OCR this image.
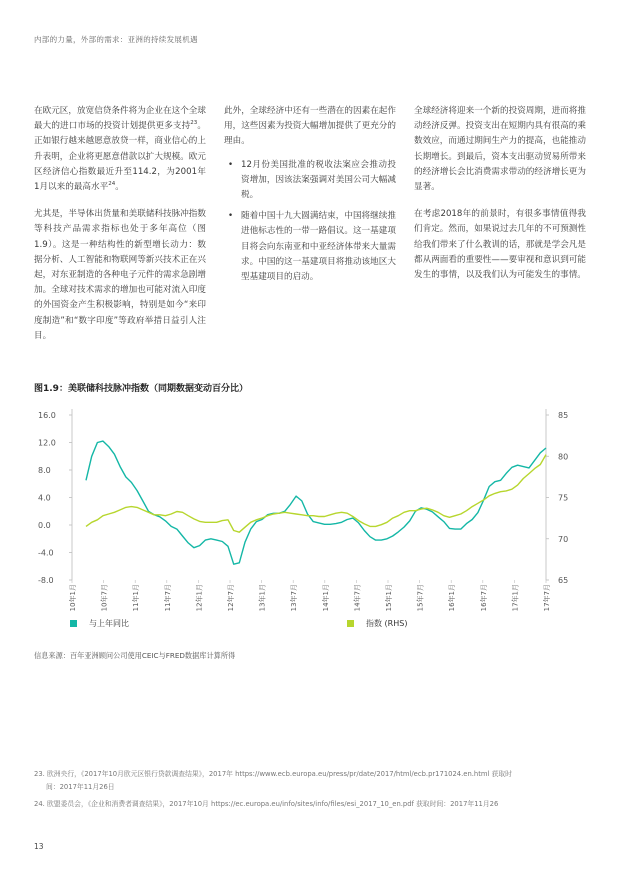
内部的力量，外部的需求：亚洲的持续发展机遇

在欧元区，放宽信贷条件将为企业在这个全球最大的进口市场的投资计划提供更多支持$^{23}$。正如银行越来越愿意放贷一样，商业信心的上升表明，企业将更愿意借款以扩大规模。欧元区经济信心指数最近升至114.2，为2001年1月以来的最高水平$^{24}$。

尤其是，半导体出货量和美联储科技脉冲指数等科技产品需求指标也处于多年高位（图1.9）。这是一种结构性的新型增长动力：数据分析、人工智能和物联网等新兴技术正在兴起，对东亚制造的各种电子元件的需求急剧增加。全球对技术需求的增加也可能对流入印度的外国资金产生积极影响，特别是如今“来印度制造”和“数字印度”等政府举措日益引人注目。

此外，全球经济中还有一些潜在的因素在起作用，这些因素为投资大幅增加提供了更充分的理由。

• 12月份美国批准的税收法案应会推动投资增加，因该法案强调对美国公司大幅减税。
• 随着中国十九大圆满结束，中国将继续推进他标志性的一带一路倡议。这一基建项目将会向东南亚和中亚经济体带来大量需求。中国的这一基建项目将推动该地区大型基建项目的启动。

全球经济将迎来一个新的投资周期，进而将推动经济反弹。投资支出在短期内具有很高的乘数效应，而通过期间生产力的提高，也能推动长期增长。到最后，资本支出驱动贸易所带来的经济增长会比消费需求带动的经济增长更为显著。

在考虑2018年的前景时，有很多事情值得我们肯定。然而，如果说过去几年的不可预测性给我们带来了什么教训的话，那就是学会凡是都从两面看的重要性——要审视和意识到可能发生的事情，以及我们认为可能发生的事情。

图1.9：美联储科技脉冲指数（同期数据变动百分比）
16.0
12.0
8.0
4.0
0.0
-4.0
-8.0
85
80
75
70
65
10年1月	10年7月	11年1月	11年7月	12年1月	12年7月	13年1月	13年7月	14年1月	14年7月	15年1月	15年7月	16年1月	16年7月	17年1月	17年7月
与上年同比	指数 (RHS)
信息来源：百年亚洲顾问公司使用CEIC与FRED数据库计算所得
23. 欧洲央行，《2017年10月欧元区银行贷款调查结果》，2017年 https://www.ecb.europa.eu/press/pr/date/2017/html/ecb.pr171024.en.html 获取时
间：2017年11月26日
24. 欧盟委员会，《企业和消费者调查结果》，2017年10月 https://ec.europa.eu/info/sites/info/files/esi_2017_10_en.pdf 获取时间：2017年11月26
13
